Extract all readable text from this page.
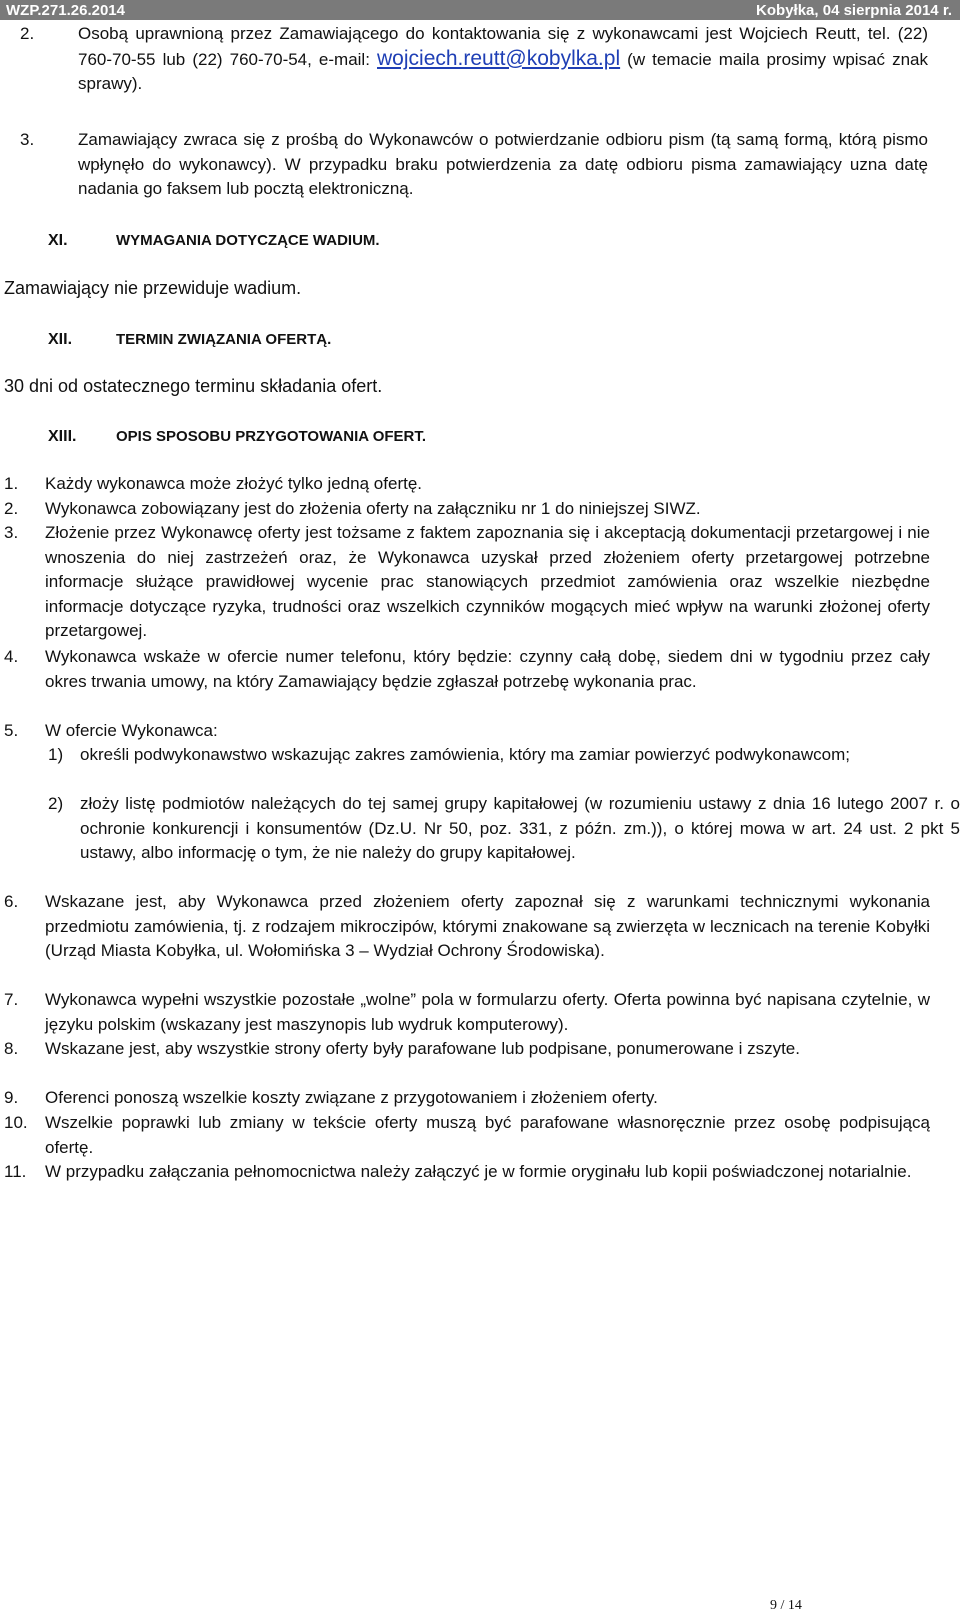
WZP.271.26.2014	Kobyłka, 04 sierpnia 2014 r.
2.	Osobą uprawnioną przez Zamawiającego do kontaktowania się z wykonawcami jest Wojciech Reutt, tel. (22) 760-70-55 lub (22) 760-70-54, e-mail: wojciech.reutt@kobylka.pl (w temacie maila prosimy wpisać znak sprawy).
3.	Zamawiający zwraca się z prośbą do Wykonawców o potwierdzanie odbioru pism (tą samą formą, którą pismo wpłynęło do wykonawcy). W przypadku braku potwierdzenia za datę odbioru pisma zamawiający uzna datę nadania go faksem lub pocztą elektroniczną.
XI.	WYMAGANIA DOTYCZĄCE WADIUM.
Zamawiający nie przewiduje wadium.
XII.	TERMIN ZWIĄZANIA OFERTĄ.
30 dni od ostatecznego terminu składania ofert.
XIII.	OPIS SPOSOBU PRZYGOTOWANIA OFERT.
1.	Każdy wykonawca może złożyć tylko jedną ofertę.
2.	Wykonawca zobowiązany jest do złożenia oferty na załączniku nr 1 do niniejszej SIWZ.
3.	Złożenie przez Wykonawcę oferty jest tożsame z faktem zapoznania się i akceptacją dokumentacji przetargowej i nie wnoszenia do niej zastrzeżeń oraz, że Wykonawca uzyskał przed złożeniem oferty przetargowej potrzebne informacje służące prawidłowej wycenie prac stanowiących przedmiot zamówienia oraz wszelkie niezbędne informacje dotyczące ryzyka, trudności oraz wszelkich czynników mogących mieć wpływ na warunki złożonej oferty przetargowej.
4.	Wykonawca wskaże w ofercie numer telefonu, który będzie: czynny całą dobę, siedem dni w tygodniu przez cały okres trwania umowy, na który Zamawiający będzie zgłaszał potrzebę wykonania prac.
5.	W ofercie Wykonawca:
1) określi podwykonawstwo wskazując zakres zamówienia, który ma zamiar powierzyć podwykonawcom;
2) złoży listę podmiotów należących do tej samej grupy kapitałowej (w rozumieniu ustawy z dnia 16 lutego 2007 r. o ochronie konkurencji i konsumentów (Dz.U. Nr 50, poz. 331, z późn. zm.)), o której mowa w art. 24 ust. 2 pkt 5 ustawy, albo informację o tym, że nie należy do grupy kapitałowej.
6.	Wskazane jest, aby Wykonawca przed złożeniem oferty zapoznał się z warunkami technicznymi wykonania przedmiotu zamówienia, tj. z rodzajem mikroczipów, którymi znakowane są zwierzęta w lecznicach na terenie Kobyłki (Urząd Miasta Kobyłka, ul. Wołomińska 3 – Wydział Ochrony Środowiska).
7.	Wykonawca wypełni wszystkie pozostałe „wolne” pola w formularzu oferty. Oferta powinna być napisana czytelnie, w języku polskim (wskazany jest maszynopis lub wydruk komputerowy).
8.	Wskazane jest, aby wszystkie strony oferty były parafowane lub podpisane, ponumerowane i zszyte.
9.	Oferenci ponoszą wszelkie koszty związane z przygotowaniem i złożeniem oferty.
10.	Wszelkie poprawki lub zmiany w tekście oferty muszą być parafowane własnoręcznie przez osobę podpisującą ofertę.
11.	W przypadku załączania pełnomocnictwa należy załączyć je w formie oryginału lub kopii poświadczonej notarialnie.
9 / 14
